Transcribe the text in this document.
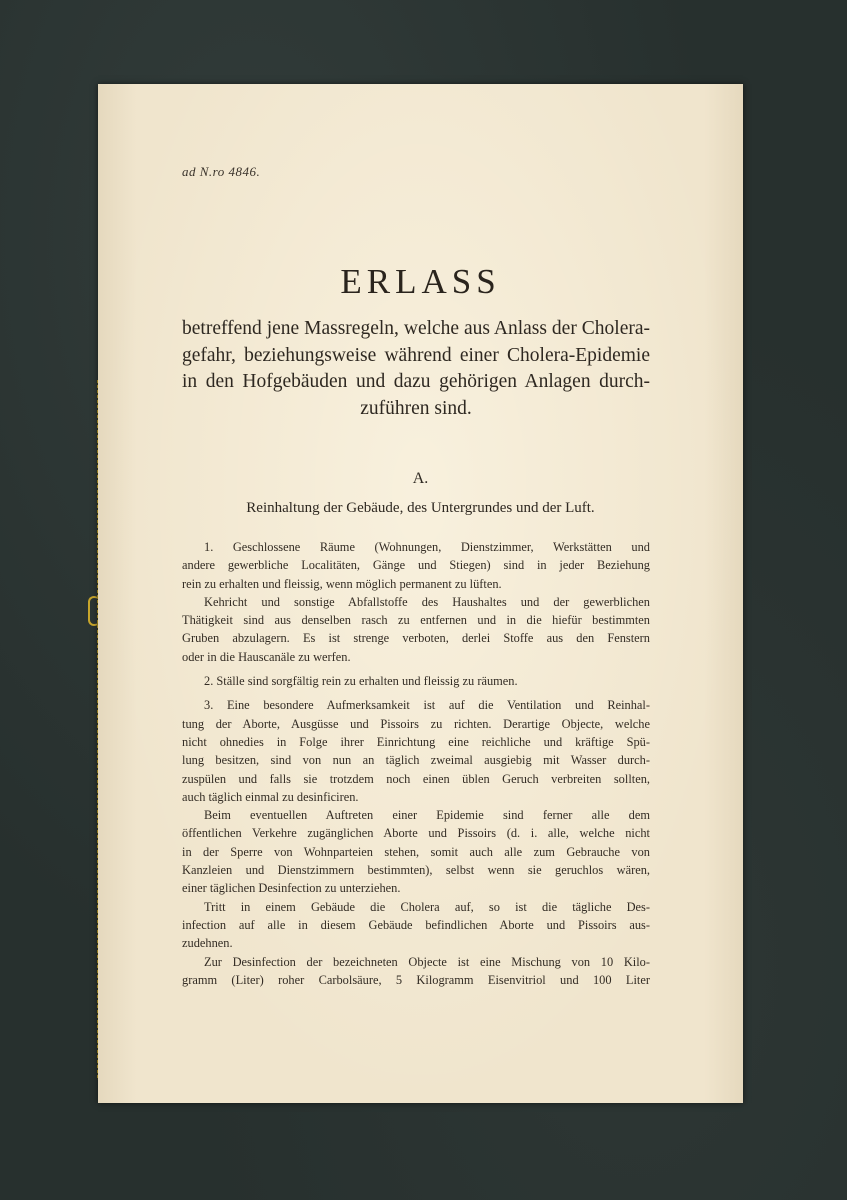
ad N.ro 4846.
ERLASS
betreffend jene Massregeln, welche aus Anlass der Cholera-
gefahr, beziehungsweise während einer Cholera-Epidemie
in den Hofgebäuden und dazu gehörigen Anlagen durch-
zuführen sind.
A.
Reinhaltung der Gebäude, des Untergrundes und der Luft.
1. Geschlossene Räume (Wohnungen, Dienstzimmer, Werkstätten und
andere gewerbliche Localitäten, Gänge und Stiegen) sind in jeder Beziehung
rein zu erhalten und fleissig, wenn möglich permanent zu lüften.
Kehricht und sonstige Abfallstoffe des Haushaltes und der gewerblichen
Thätigkeit sind aus denselben rasch zu entfernen und in die hiefür bestimmten
Gruben abzulagern. Es ist strenge verboten, derlei Stoffe aus den Fenstern
oder in die Hauscanäle zu werfen.
2. Ställe sind sorgfältig rein zu erhalten und fleissig zu räumen.
3. Eine besondere Aufmerksamkeit ist auf die Ventilation und Reinhal-
tung der Aborte, Ausgüsse und Pissoirs zu richten. Derartige Objecte, welche
nicht ohnedies in Folge ihrer Einrichtung eine reichliche und kräftige Spü-
lung besitzen, sind von nun an täglich zweimal ausgiebig mit Wasser durch-
zuspülen und falls sie trotzdem noch einen üblen Geruch verbreiten sollten,
auch täglich einmal zu desinficiren.
Beim eventuellen Auftreten einer Epidemie sind ferner alle dem
öffentlichen Verkehre zugänglichen Aborte und Pissoirs (d. i. alle, welche nicht
in der Sperre von Wohnparteien stehen, somit auch alle zum Gebrauche von
Kanzleien und Dienstzimmern bestimmten), selbst wenn sie geruchlos wären,
einer täglichen Desinfection zu unterziehen.
Tritt in einem Gebäude die Cholera auf, so ist die tägliche Des-
infection auf alle in diesem Gebäude befindlichen Aborte und Pissoirs aus-
zudehnen.
Zur Desinfection der bezeichneten Objecte ist eine Mischung von 10 Kilo-
gramm (Liter) roher Carbolsäure, 5 Kilogramm Eisenvitriol und 100 Liter
